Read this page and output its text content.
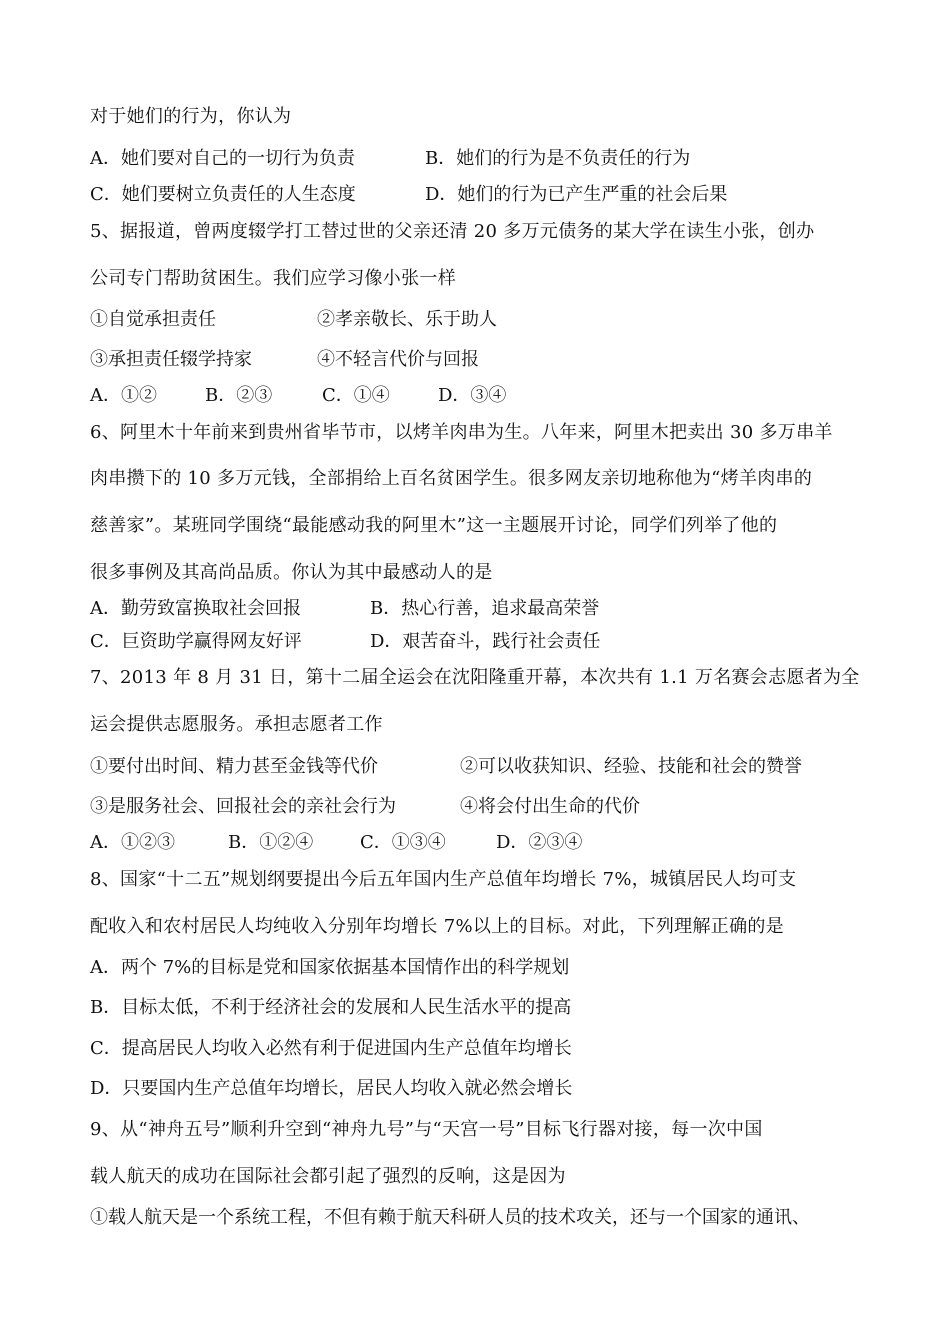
对于她们的行为，你认为
A．她们要对自己的一切行为负责	B．她们的行为是不负责任的行为
C．她们要树立负责任的人生态度	D．她们的行为已产生严重的社会后果
5、据报道，曾两度辍学打工替过世的父亲还清 20 多万元债务的某大学在读生小张，创办
公司专门帮助贫困生。我们应学习像小张一样
①自觉承担责任	②孝亲敬长、乐于助人
③承担责任辍学持家	④不轻言代价与回报
A．①②	B．②③	C．①④	D．③④
6、阿里木十年前来到贵州省毕节市，以烤羊肉串为生。八年来，阿里木把卖出 30 多万串羊
肉串攒下的 10 多万元钱，全部捐给上百名贫困学生。很多网友亲切地称他为“烤羊肉串的
慈善家”。某班同学围绕“最能感动我的阿里木”这一主题展开讨论，同学们列举了他的
很多事例及其高尚品质。你认为其中最感动人的是
A．勤劳致富换取社会回报	B．热心行善，追求最高荣誉
C．巨资助学赢得网友好评	D．艰苦奋斗，践行社会责任
7、2013 年 8 月 31 日，第十二届全运会在沈阳隆重开幕，本次共有 1.1 万名赛会志愿者为全
运会提供志愿服务。承担志愿者工作
①要付出时间、精力甚至金钱等代价	②可以收获知识、经验、技能和社会的赞誉
③是服务社会、回报社会的亲社会行为	④将会付出生命的代价
A．①②③	B．①②④	C．①③④	D．②③④
8、国家“十二五”规划纲要提出今后五年国内生产总值年均增长 7%，城镇居民人均可支
配收入和农村居民人均纯收入分别年均增长 7%以上的目标。对此，下列理解正确的是
A．两个 7%的目标是党和国家依据基本国情作出的科学规划
B．目标太低，不利于经济社会的发展和人民生活水平的提高
C．提高居民人均收入必然有利于促进国内生产总值年均增长
D．只要国内生产总值年均增长，居民人均收入就必然会增长
9、从“神舟五号”顺利升空到“神舟九号”与“天宫一号”目标飞行器对接，每一次中国
载人航天的成功在国际社会都引起了强烈的反响，这是因为
①载人航天是一个系统工程，不但有赖于航天科研人员的技术攻关，还与一个国家的通讯、
